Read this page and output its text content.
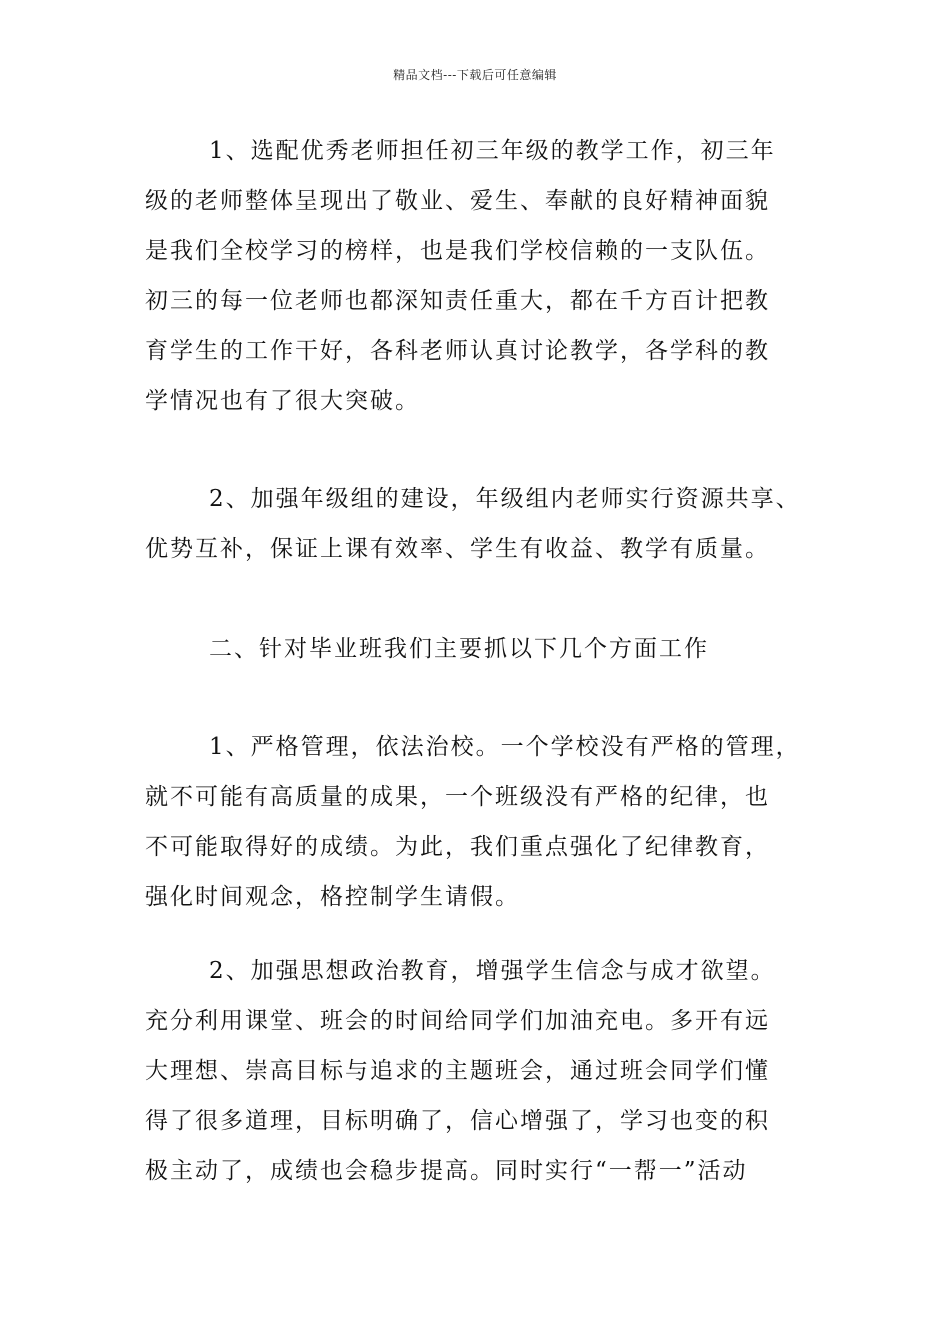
精品文档---下载后可任意编辑
1、选配优秀老师担任初三年级的教学工作，初三年
级的老师整体呈现出了敬业、爱生、奉献的良好精神面貌
是我们全校学习的榜样，也是我们学校信赖的一支队伍。
初三的每一位老师也都深知责任重大，都在千方百计把教
育学生的工作干好，各科老师认真讨论教学，各学科的教
学情况也有了很大突破。
2、加强年级组的建设，年级组内老师实行资源共享、
优势互补，保证上课有效率、学生有收益、教学有质量。
二、针对毕业班我们主要抓以下几个方面工作
1、严格管理，依法治校。一个学校没有严格的管理，
就不可能有高质量的成果，一个班级没有严格的纪律，也
不可能取得好的成绩。为此，我们重点强化了纪律教育，
强化时间观念，格控制学生请假。
2、加强思想政治教育，增强学生信念与成才欲望。
充分利用课堂、班会的时间给同学们加油充电。多开有远
大理想、崇高目标与追求的主题班会，通过班会同学们懂
得了很多道理，目标明确了，信心增强了，学习也变的积
极主动了，成绩也会稳步提高。同时实行“一帮一”活动
